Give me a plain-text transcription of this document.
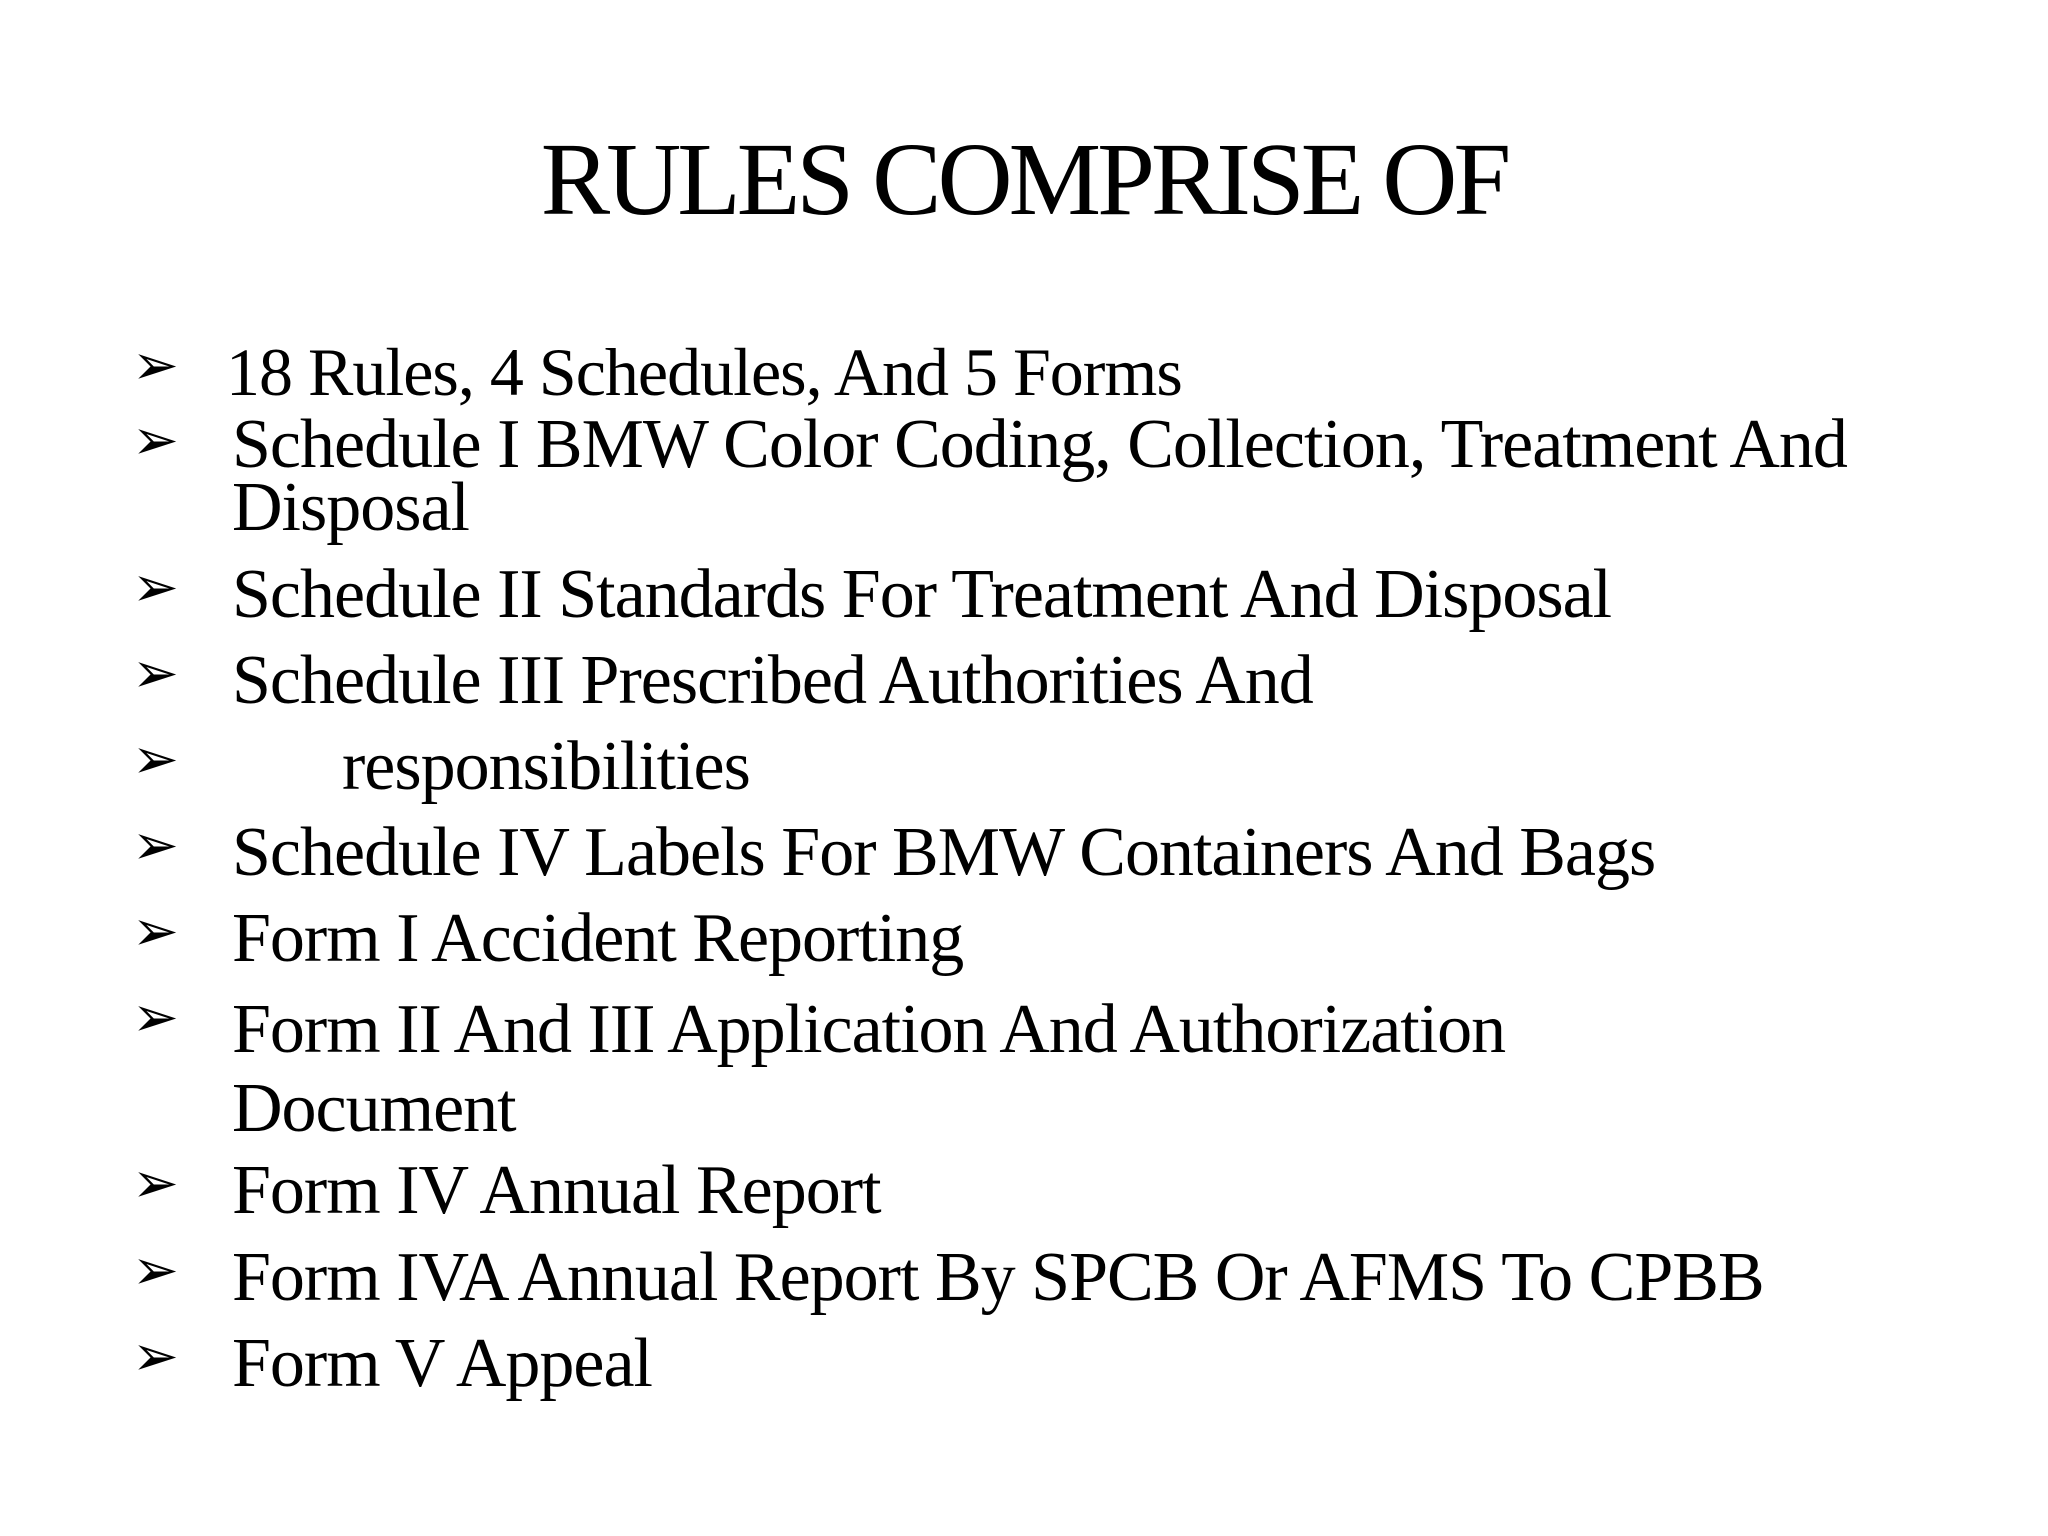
RULES COMPRISE OF
➢ 18 Rules, 4 Schedules, And 5 Forms
➢ Schedule I BMW Color Coding, Collection, Treatment And Disposal
➢ Schedule II Standards For Treatment And Disposal
➢ Schedule III Prescribed Authorities And
➢ responsibilities
➢ Schedule IV Labels For BMW Containers And Bags
➢ Form I Accident Reporting
➢ Form II And III Application And Authorization Document
➢ Form IV Annual Report
➢ Form IVA Annual Report By SPCB Or AFMS To CPBB
➢ Form V Appeal
